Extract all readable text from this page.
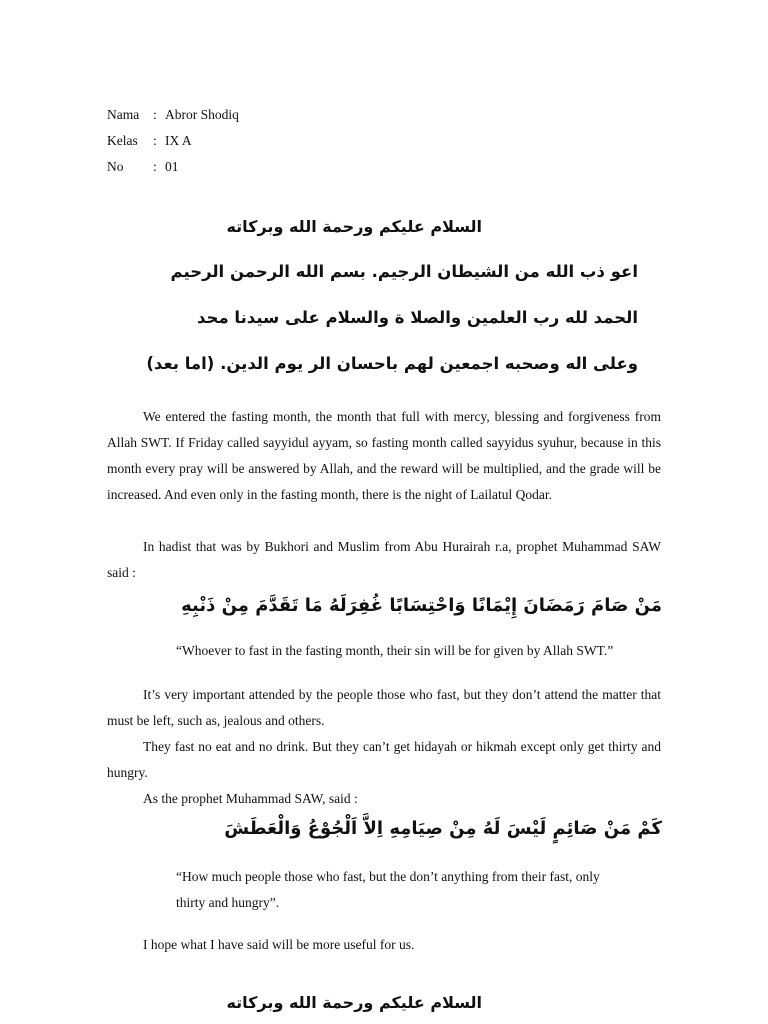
Nama : Abror Shodiq
Kelas : IX A
No : 01
السلام عليكم ورحمة الله وبركاته
اعو ذب الله من الشيطان الرجيم. بسم الله الرحمن الرحيم
الحمد لله رب العلمين والصلا ة والسلام على سيدنا محد
وعلى اله وصحبه اجمعين لهم باحسان الر يوم الدين. (اما بعد)
We entered the fasting month, the month that full with mercy, blessing and forgiveness from Allah SWT. If Friday called sayyidul ayyam, so fasting month called sayyidus syuhur, because in this month every pray will be answered by Allah, and the reward will be multiplied, and the grade will be increased. And even only in the fasting month, there is the night of Lailatul Qodar.
In hadist that was by Bukhori and Muslim from Abu Hurairah r.a, prophet Muhammad SAW said :
مَنْ صَامَ رَمَضَانَ إِيْمَانًا وَاحْتِسَابًا غُفِرَلَهُ مَا تَقَدَّمَ مِنْ ذَنْبِهِ
“Whoever to fast in the fasting month, their sin will be for given by Allah SWT.”
It’s very important attended by the people those who fast, but they don’t attend the matter that must be left, such as, jealous and others.
They fast no eat and no drink. But they can’t get hidayah or hikmah except only get thirty and hungry.
As the prophet Muhammad SAW, said :
كَمْ مَنْ صَائِمٍ لَيْسَ لَهُ مِنْ صِيَامِهِ اِلاَّ اَلْجُوْعُ وَالْعَطَشَ
“How much people those who fast, but the don’t anything from their fast, only
thirty and hungry”.
I hope what I have said will be more useful for us.
السلام عليكم ورحمة الله وبركاته
